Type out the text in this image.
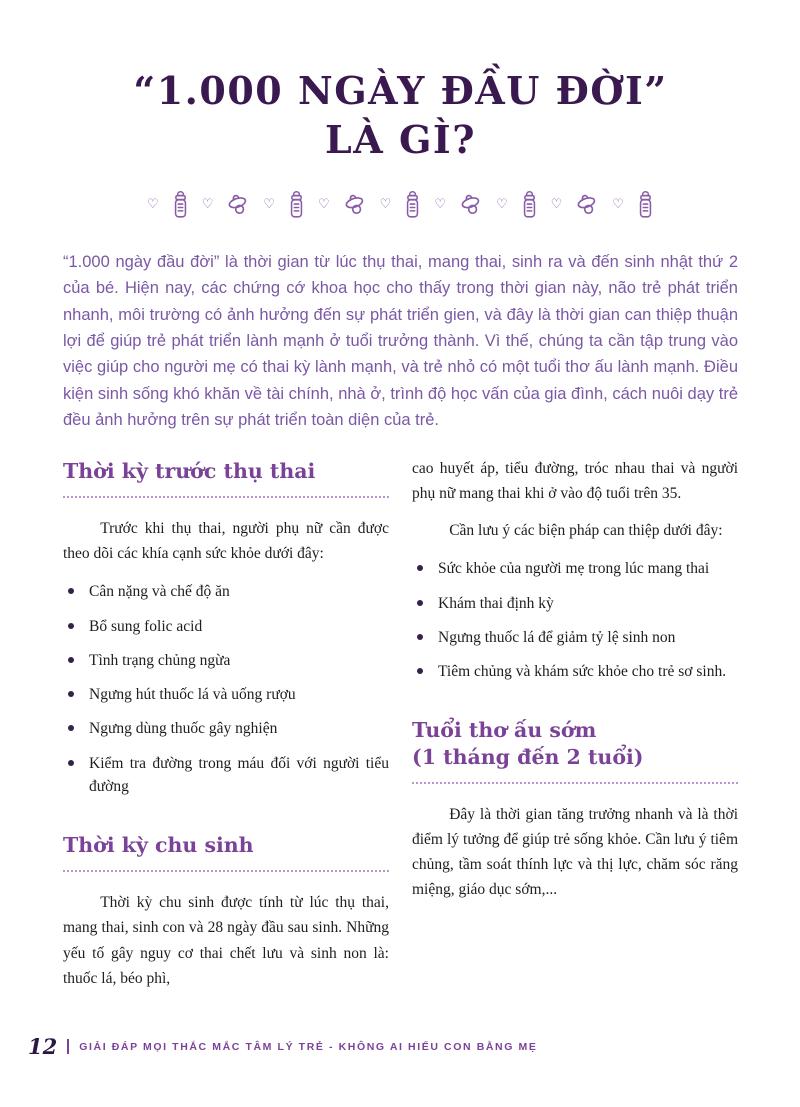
“1.000 NGÀY ĐẦU ĐỜI”
LÀ GÌ?
♡	♡	♡	♡	♡	♡	♡	♡	♡

“1.000 ngày đầu đời” là thời gian từ lúc thụ thai, mang thai, sinh ra và đến sinh nhật thứ 2 của bé. Hiện nay, các chứng cớ khoa học cho thấy trong thời gian này, não trẻ phát triển nhanh, môi trường có ảnh hưởng đến sự phát triển gien, và đây là thời gian can thiệp thuận lợi để giúp trẻ phát triển lành mạnh ở tuổi trưởng thành. Vì thế, chúng ta cần tập trung vào việc giúp cho người mẹ có thai kỳ lành mạnh, và trẻ nhỏ có một tuổi thơ ấu lành mạnh. Điều kiện sinh sống khó khăn về tài chính, nhà ở, trình độ học vấn của gia đình, cách nuôi dạy trẻ đều ảnh hưởng trên sự phát triển toàn diện của trẻ.

Thời kỳ trước thụ thai

Trước khi thụ thai, người phụ nữ cần được theo dõi các khía cạnh sức khỏe dưới đây:

Cân nặng và chế độ ăn
Bổ sung folic acid
Tình trạng chủng ngừa
Ngưng hút thuốc lá và uống rượu
Ngưng dùng thuốc gây nghiện
Kiểm tra đường trong máu đối với người tiểu đường
Thời kỳ chu sinh

Thời kỳ chu sinh được tính từ lúc thụ thai, mang thai, sinh con và 28 ngày đầu sau sinh. Những yếu tố gây nguy cơ thai chết lưu và sinh non là: thuốc lá, béo phì,

cao huyết áp, tiểu đường, tróc nhau thai và người phụ nữ mang thai khi ở vào độ tuổi trên 35.

Cần lưu ý các biện pháp can thiệp dưới đây:

Sức khỏe của người mẹ trong lúc mang thai
Khám thai định kỳ
Ngưng thuốc lá để giảm tỷ lệ sinh non
Tiêm chủng và khám sức khỏe cho trẻ sơ sinh.
Tuổi thơ ấu sớm
(1 tháng đến 2 tuổi)

Đây là thời gian tăng trưởng nhanh và là thời điểm lý tưởng để giúp trẻ sống khỏe. Cần lưu ý tiêm chủng, tầm soát thính lực và thị lực, chăm sóc răng miệng, giáo dục sớm,...

12 GIẢI ĐÁP MỌI THẮC MẮC TÂM LÝ TRẺ - KHÔNG AI HIỂU CON BẰNG MẸ
